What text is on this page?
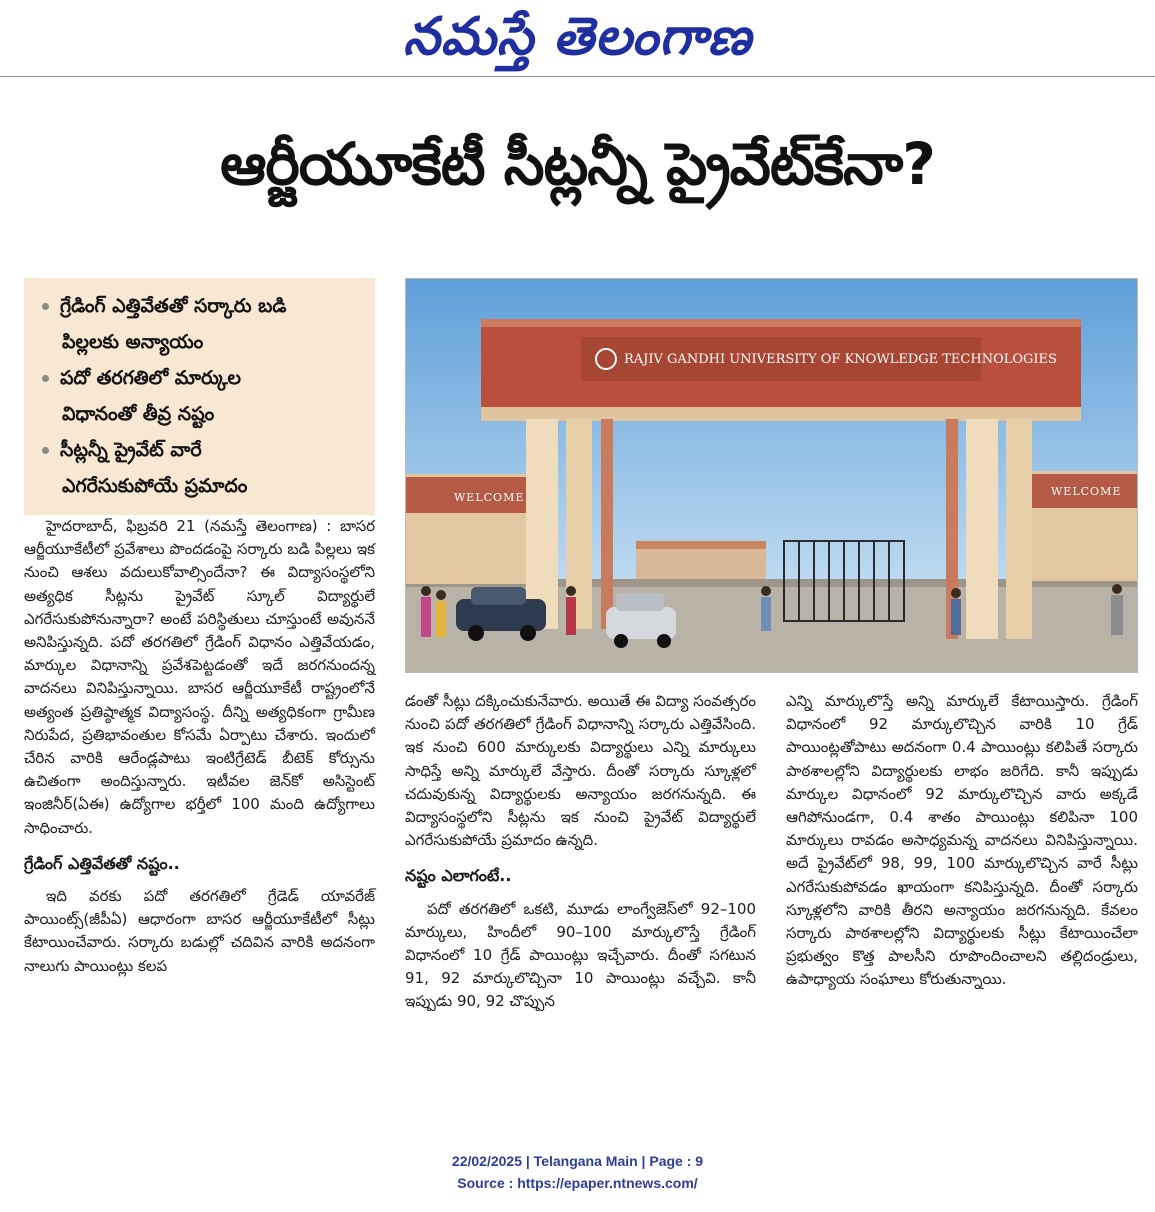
నమస్తే తెలంగాణ
ఆర్జీయూకేటీ సీట్లన్నీ ప్రైవేట్‌కేనా?
గ్రేడింగ్ ఎత్తివేతతో సర్కారు బడి
పిల్లలకు అన్యాయం
పదో తరగతిలో మార్కుల
విధానంతో తీవ్ర నష్టం
సీట్లన్నీ ప్రైవేట్ వారే
ఎగరేసుకుపోయే ప్రమాదం
WELCOME	WELCOME
RAJIV GANDHI UNIVERSITY OF KNOWLEDGE TECHNOLOGIES

హైదరాబాద్, ఫిబ్రవరి 21 (నమస్తే తెలంగాణ) : బాసర ఆర్జీయూకేటీలో ప్రవేశాలు పొందడంపై సర్కారు బడి పిల్లలు ఇక నుంచి ఆశలు వదులుకోవాల్సిందేనా? ఈ విద్యాసంస్థలోని అత్యధిక సీట్లను ప్రైవేట్ స్కూల్ విద్యార్థులే ఎగరేసుకుపోనున్నారా? అంటే పరిస్థితులు చూస్తుంటే అవుననే అనిపిస్తున్నది. పదో తరగతిలో గ్రేడింగ్ విధానం ఎత్తివేయడం, మార్కుల విధానాన్ని ప్రవేశపెట్టడంతో ఇదే జరగనుందన్న వాదనలు వినిపిస్తున్నాయి. బాసర ఆర్జీయూకేటీ రాష్ట్రంలోనే అత్యంత ప్రతిష్ఠాత్మక విద్యాసంస్థ. దీన్ని అత్యధికంగా గ్రామీణ నిరుపేద, ప్రతిభావంతుల కోసమే ఏర్పాటు చేశారు. ఇందులో చేరిన వారికి ఆరేండ్లపాటు ఇంటిగ్రేటెడ్ బీటెక్ కోర్సును ఉచితంగా అందిస్తున్నారు. ఇటీవల జెన్‌కో అసిస్టెంట్ ఇంజినీర్(ఏఈ) ఉద్యోగాల భర్తీలో 100 మంది ఉద్యోగాలు సాధించారు.

గ్రేడింగ్ ఎత్తివేతతో నష్టం..

ఇది వరకు పదో తరగతిలో గ్రేడెడ్ యావరేజ్ పాయింట్స్(జీపీఏ) ఆధారంగా బాసర ఆర్జీయూకేటీలో సీట్లు కేటాయించేవారు. సర్కారు బడుల్లో చదివిన వారికి అదనంగా నాలుగు పాయింట్లు కలప

డంతో సీట్లు దక్కించుకునేవారు. అయితే ఈ విద్యా సంవత్సరం నుంచి పదో తరగతిలో గ్రేడింగ్ విధానాన్ని సర్కారు ఎత్తివేసింది. ఇక నుంచి 600 మార్కులకు విద్యార్థులు ఎన్ని మార్కులు సాధిస్తే అన్ని మార్కులే వేస్తారు. దీంతో సర్కారు స్కూళ్లలో చదువుకున్న విద్యార్థులకు అన్యాయం జరగనున్నది. ఈ విద్యాసంస్థలోని సీట్లను ఇక నుంచి ప్రైవేట్ విద్యార్థులే ఎగరేసుకుపోయే ప్రమాదం ఉన్నది.

నష్టం ఎలాగంటే..

పదో తరగతిలో ఒకటి, మూడు లాంగ్వేజెస్‌లో 92–100 మార్కులు, హిందీలో 90–100 మార్కులొస్తే గ్రేడింగ్ విధానంలో 10 గ్రేడ్ పాయింట్లు ఇచ్చేవారు. దీంతో సగటున 91, 92 మార్కులొచ్చినా 10 పాయింట్లు వచ్చేవి. కానీ ఇప్పుడు 90, 92 చొప్పున

ఎన్ని మార్కులొస్తే అన్ని మార్కులే కేటాయిస్తారు. గ్రేడింగ్ విధానంలో 92 మార్కులొచ్చిన వారికి 10 గ్రేడ్ పాయింట్లతోపాటు అదనంగా 0.4 పాయింట్లు కలిపితే సర్కారు పాఠశాలల్లోని విద్యార్థులకు లాభం జరిగేది. కానీ ఇప్పుడు మార్కుల విధానంలో 92 మార్కులొచ్చిన వారు అక్కడే ఆగిపోనుండగా, 0.4 శాతం పాయింట్లు కలిపినా 100 మార్కులు రావడం అసాధ్యమన్న వాదనలు వినిపిస్తున్నాయి. అదే ప్రైవేట్‌లో 98, 99, 100 మార్కులొచ్చిన వారే సీట్లు ఎగరేసుకుపోవడం ఖాయంగా కనిపిస్తున్నది. దీంతో సర్కారు స్కూళ్లలోని వారికి తీరని అన్యాయం జరగనున్నది. కేవలం సర్కారు పాఠశాలల్లోని విద్యార్థులకు సీట్లు కేటాయించేలా ప్రభుత్వం కొత్త పాలసీని రూపొందించాలని తల్లిదండ్రులు, ఉపాధ్యాయ సంఘాలు కోరుతున్నాయి.

22/02/2025 | Telangana Main | Page : 9
Source : https://epaper.ntnews.com/
